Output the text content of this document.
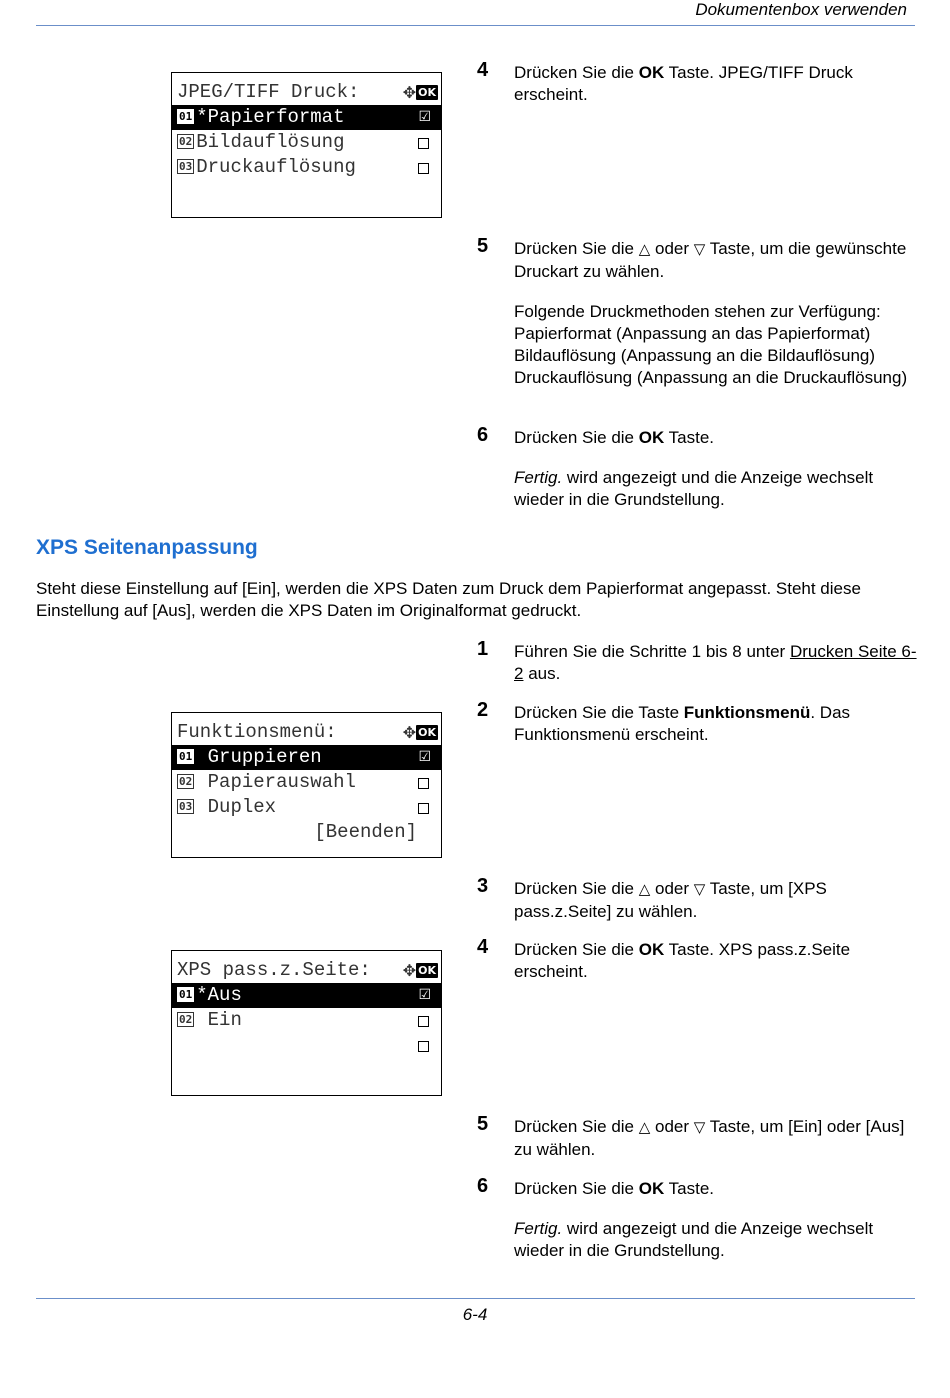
Dokumentenbox verwenden
JPEG/TIFF Druck:	✥ OK
01 *Papierformat	☑
02 Bildauflösung
03 Druckauflösung
4 Drücken Sie die OK Taste. JPEG/TIFF Druck erscheint.

5 Drücken Sie die △ oder ▽ Taste, um die gewünschte Druckart zu wählen.

Folgende Druckmethoden stehen zur Verfügung: Papierformat (Anpassung an das Papierformat) Bildauflösung (Anpassung an die Bildauflösung) Druckauflösung (Anpassung an die Druckauflösung)

6 Drücken Sie die OK Taste.

Fertig. wird angezeigt und die Anzeige wechselt wieder in die Grundstellung.

XPS Seitenanpassung
Steht diese Einstellung auf [Ein], werden die XPS Daten zum Druck dem Papierformat angepasst. Steht diese Einstellung auf [Aus], werden die XPS Daten im Originalformat gedruckt.
Funktionsmenü:	✥ OK
01 Gruppieren	☑
02 Papierauswahl
03 Duplex
[Beenden]
XPS pass.z.Seite: ✥ OK
01 *Aus	☑
02 Ein
1 Führen Sie die Schritte 1 bis 8 unter Drucken Seite 6-2 aus.

2 Drücken Sie die Taste Funktionsmenü. Das Funktionsmenü erscheint.

3 Drücken Sie die △ oder ▽ Taste, um [XPS pass.z.Seite] zu wählen.

4 Drücken Sie die OK Taste. XPS pass.z.Seite erscheint.

5 Drücken Sie die △ oder ▽ Taste, um [Ein] oder [Aus] zu wählen.

6 Drücken Sie die OK Taste.

Fertig. wird angezeigt und die Anzeige wechselt wieder in die Grundstellung.

6-4
